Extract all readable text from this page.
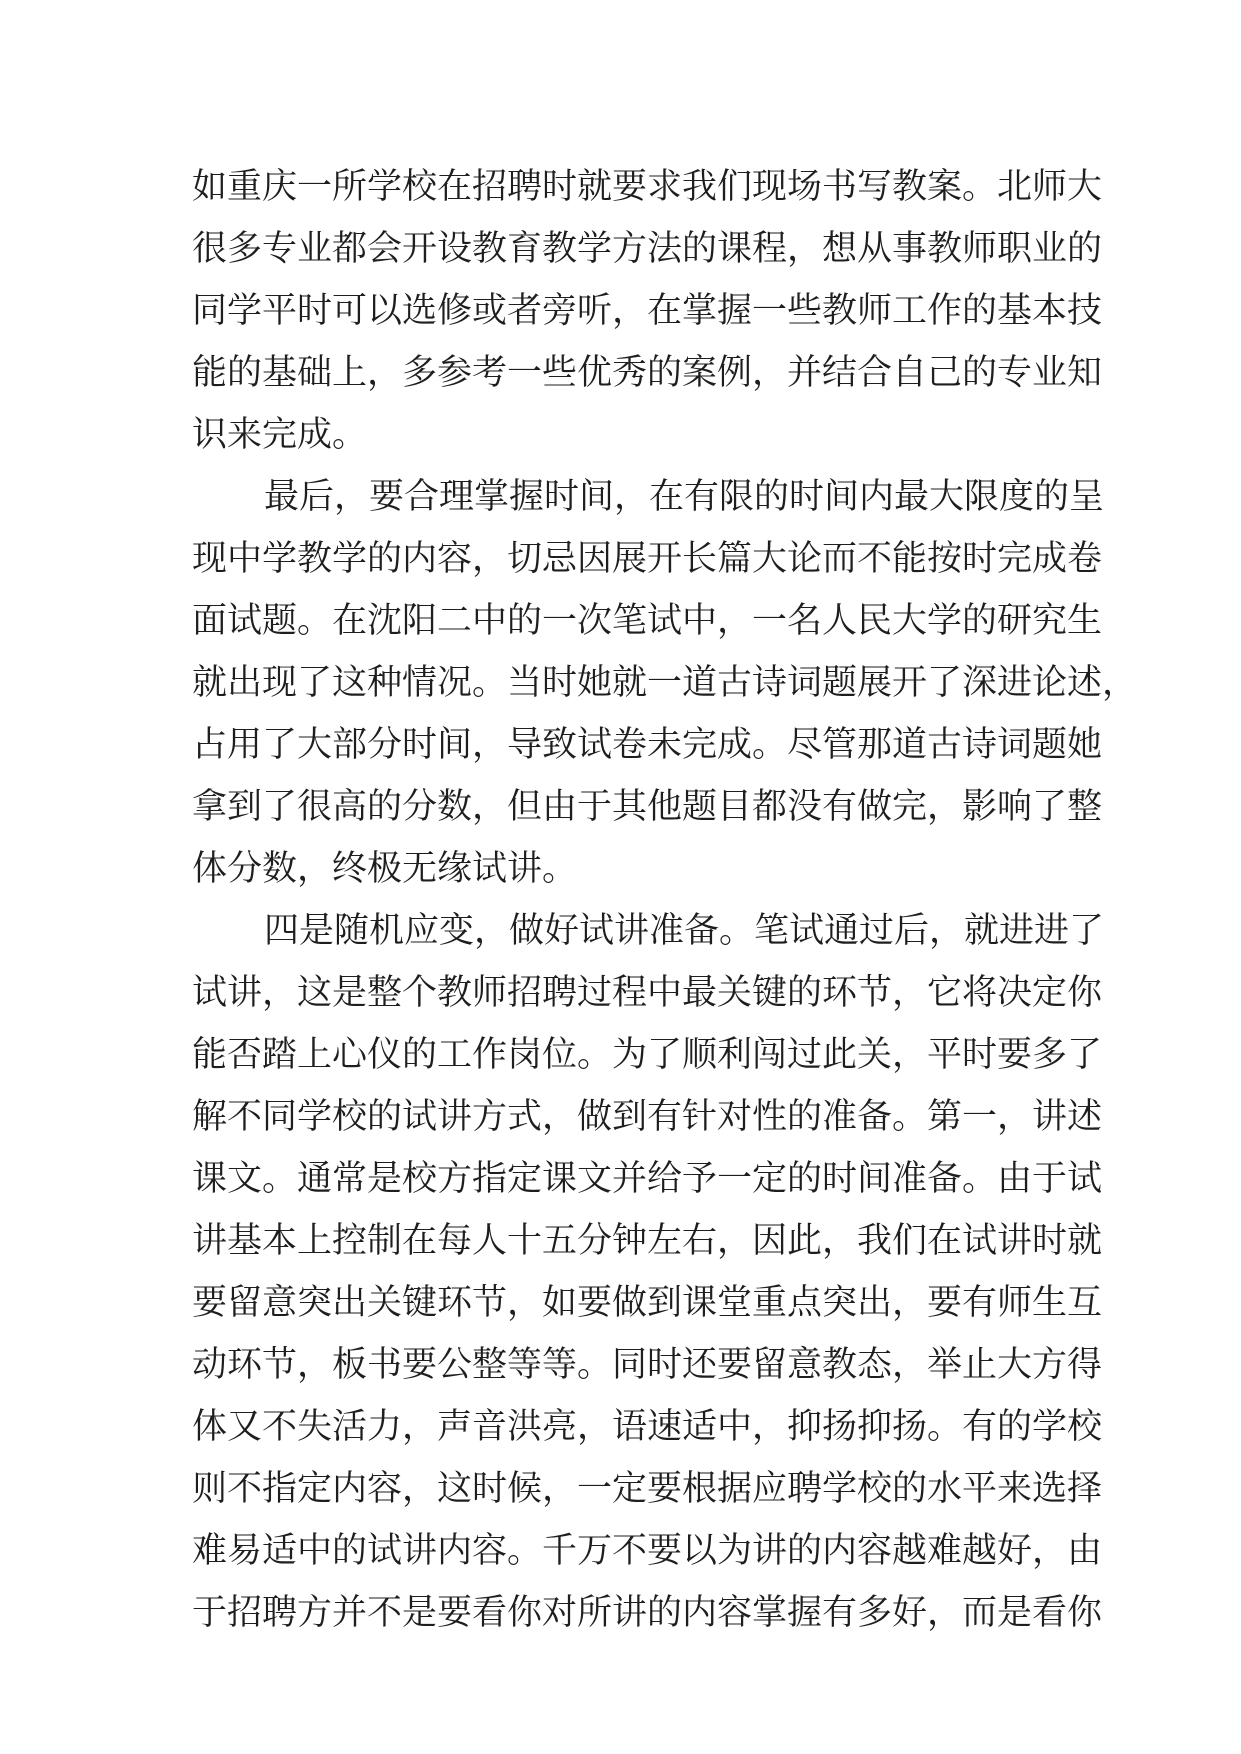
如重庆一所学校在招聘时就要求我们现场书写教案。北师大
很多专业都会开设教育教学方法的课程，想从事教师职业的
同学平时可以选修或者旁听，在掌握一些教师工作的基本技
能的基础上，多参考一些优秀的案例，并结合自己的专业知
识来完成。
最后，要合理掌握时间，在有限的时间内最大限度的呈
现中学教学的内容，切忌因展开长篇大论而不能按时完成卷
面试题。在沈阳二中的一次笔试中，一名人民大学的研究生
就出现了这种情况。当时她就一道古诗词题展开了深进论述，
占用了大部分时间，导致试卷未完成。尽管那道古诗词题她
拿到了很高的分数，但由于其他题目都没有做完，影响了整
体分数，终极无缘试讲。
四是随机应变，做好试讲准备。笔试通过后，就进进了
试讲，这是整个教师招聘过程中最关键的环节，它将决定你
能否踏上心仪的工作岗位。为了顺利闯过此关，平时要多了
解不同学校的试讲方式，做到有针对性的准备。第一，讲述
课文。通常是校方指定课文并给予一定的时间准备。由于试
讲基本上控制在每人十五分钟左右，因此，我们在试讲时就
要留意突出关键环节，如要做到课堂重点突出，要有师生互
动环节，板书要公整等等。同时还要留意教态，举止大方得
体又不失活力，声音洪亮，语速适中，抑扬抑扬。有的学校
则不指定内容，这时候，一定要根据应聘学校的水平来选择
难易适中的试讲内容。千万不要以为讲的内容越难越好，由
于招聘方并不是要看你对所讲的内容掌握有多好，而是看你
